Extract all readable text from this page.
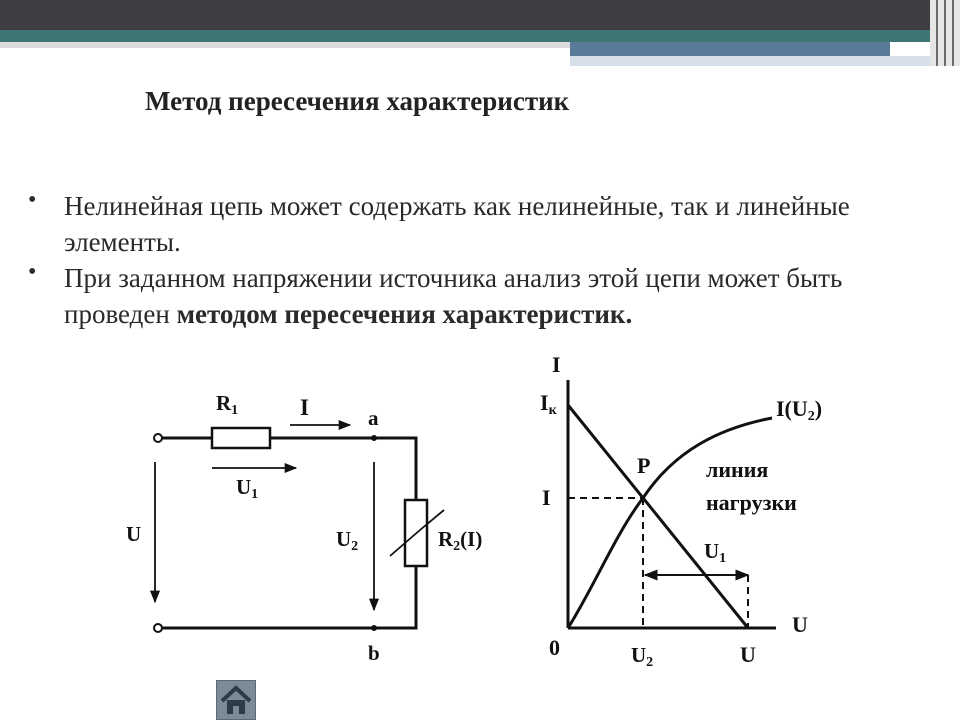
Метод пересечения характеристик
• Нелинейная цепь может содержать как нелинейные, так и линейные элементы.
• При заданном напряжении источника анализ этой цепи может быть проведен методом пересечения характеристик.
R1	I	a
U1
U	U2	R2(I)
b
I
Iк	I(U2)
P	линия
нагрузки
I
U1
U
0	U2	U
